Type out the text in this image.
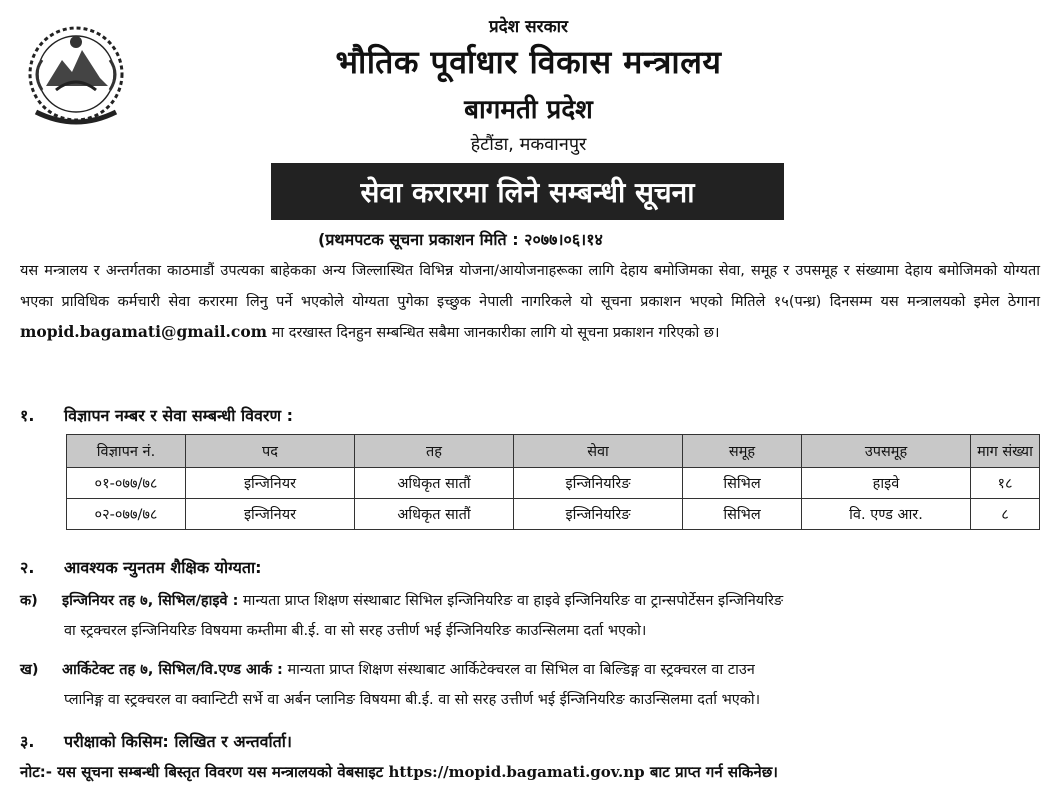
प्रदेश सरकार
भौतिक पूर्वाधार विकास मन्त्रालय
बागमती प्रदेश
हेटौंडा, मकवानपुर
सेवा करारमा लिने सम्बन्धी सूचना
(प्रथमपटक सूचना प्रकाशन मिति : २०७७।०६।१४
यस मन्त्रालय र अन्तर्गतका काठमाडौं उपत्यका बाहेकका अन्य जिल्लास्थित विभिन्न योजना/आयोजनाहरूका लागि देहाय बमोजिमका सेवा, समूह र उपसमूह र संख्यामा देहाय बमोजिमको योग्यता भएका प्राविधिक कर्मचारी सेवा करारमा लिनु पर्ने भएकोले योग्यता पुगेका इच्छुक नेपाली नागरिकले यो सूचना प्रकाशन भएको मितिले १५(पन्ध्र) दिनसम्म यस मन्त्रालयको इमेल ठेगाना mopid.bagamati@gmail.com मा दरखास्त दिनहुन सम्बन्धित सबैमा जानकारीका लागि यो सूचना प्रकाशन गरिएको छ।
१. विज्ञापन नम्बर र सेवा सम्बन्धी विवरण :
विज्ञापन नं.	पद	तह	सेवा	समूह	उपसमूह	माग संख्या
०१-०७७/७८	इन्जिनियर	अधिकृत सातौं	इन्जिनियरिङ	सिभिल	हाइवे	१८
०२-०७७/७८	इन्जिनियर	अधिकृत सातौं	इन्जिनियरिङ	सिभिल	वि. एण्ड आर.	८
२. आवश्यक न्युनतम शैक्षिक योग्यता:
क) इन्जिनियर तह ७, सिभिल/हाइवे : मान्यता प्राप्त शिक्षण संस्थाबाट सिभिल इन्जिनियरिङ वा हाइवे इन्जिनियरिङ वा ट्रान्सपोर्टेसन इन्जिनियरिङ
वा स्ट्रक्चरल इन्जिनियरिङ विषयमा कम्तीमा बी.ई. वा सो सरह उत्तीर्ण भई ईन्जिनियरिङ काउन्सिलमा दर्ता भएको।
ख) आर्किटेक्ट तह ७, सिभिल/वि.एण्ड आर्क : मान्यता प्राप्त शिक्षण संस्थाबाट आर्किटेक्चरल वा सिभिल वा बिल्डिङ्ग वा स्ट्रक्चरल वा टाउन
प्लानिङ्ग वा स्ट्रक्चरल वा क्वान्टिटी सर्भे वा अर्बन प्लानिङ विषयमा बी.ई. वा सो सरह उत्तीर्ण भई ईन्जिनियरिङ काउन्सिलमा दर्ता भएको।
३. परीक्षाको किसिम: लिखित र अन्तर्वार्ता।
नोट:- यस सूचना सम्बन्धी बिस्तृत विवरण यस मन्त्रालयको वेबसाइट https://mopid.bagamati.gov.np बाट प्राप्त गर्न सकिनेछ।
